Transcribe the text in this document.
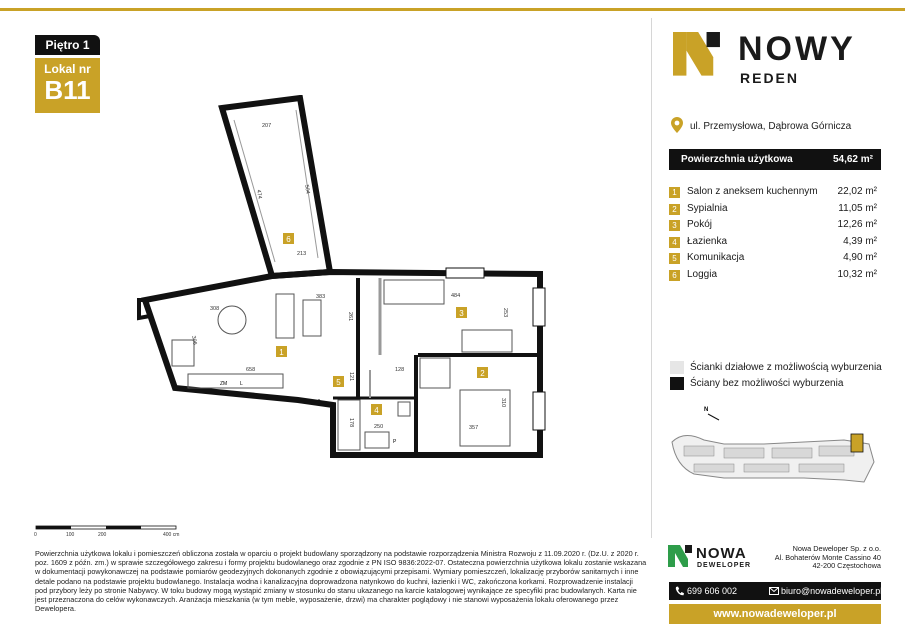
Piętro 1
Lokal nr
B11
ZM	L
P
1
2
3
4
5
6
207
474	504
213
383	484
308
306
261	253
658	128
121
310
250	357
178
0	100	200	400 cm
NOWY
REDEN
ul. Przemysłowa, Dąbrowa Górnicza
Powierzchnia użytkowa	54,62 m²
1	Salon z aneksem kuchennym 22,02 m²
2	Sypialnia	11,05 m²
3	Pokój	12,26 m²
4	Łazienka	4,39 m²
5	Komunikacja	4,90 m²
6	Loggia	10,32 m²
Ścianki działowe z możliwością wyburzenia
Ściany bez możliwości wyburzenia
N
Powierzchnia użytkowa lokalu i pomieszczeń obliczona została w oparciu o projekt budowlany sporządzony na podstawie rozporządzenia Ministra Rozwoju z 11.09.2020 r. (Dz.U. z 2020 r. poz. 1609 z późn. zm.) w sprawie szczegółowego zakresu i formy projektu budowlanego oraz zgodnie z PN ISO 9836:2022-07. Ostateczna powierzchnia użytkowa lokalu zostanie wskazana w dokumentacji powykonawczej na podstawie pomiarów geodezyjnych dokonanych zgodnie z obowiązującymi przepisami. Wymiary pomieszczeń, lokalizację przyborów sanitarnych i inne detale podano na podstawie projektu budowlanego. Instalacja wodna i kanalizacyjna doprowadzona natynkowo do kuchni, łazienki i WC, zakończona korkami. Rozprowadzenie instalacji pod przybory leży po stronie Nabywcy. W toku budowy mogą wystąpić zmiany w stosunku do stanu ukazanego na karcie katalogowej wynikające ze specyfiki prac budowlanych. Karta nie jest przeznaczona do celów wykonawczych. Aranżacja mieszkania (w tym meble, wyposażenie, drzwi) ma charakter poglądowy i nie stanowi wyposażenia lokalu oferowanego przez Dewelopera.
NOWA
DEWELOPER
Nowa Deweloper Sp. z o.o.
Al. Bohaterów Monte Cassino 40
42-200 Częstochowa
699 606 002	biuro@nowadeweloper.pl
www.nowadeweloper.pl
